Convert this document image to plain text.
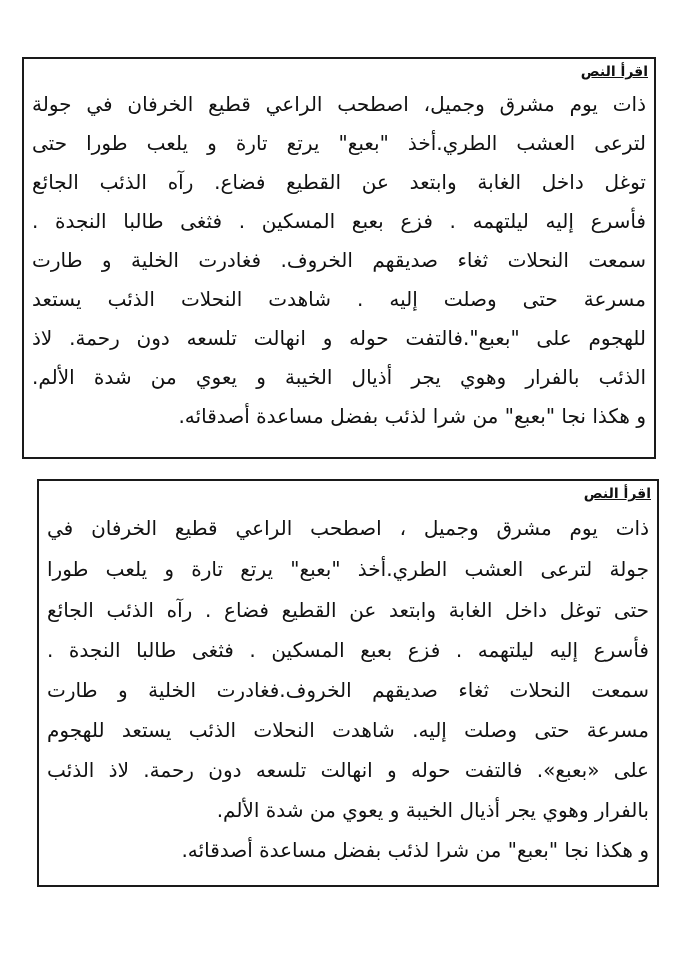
اقرأ النص
ذات يوم مشرق وجميل، اصطحب الراعي قطيع الخرفان في جولة
لترعى العشب الطري.أخذ "بعبع" يرتع تارة و يلعب طورا حتى
توغل داخل الغابة وابتعد عن القطيع فضاع. رآه الذئب الجائع
فأسرع إليه ليلتهمه . فزع بعبع المسكين . فثغى طالبا النجدة .
سمعت النحلات ثغاء صديقهم الخروف. فغادرت الخلية و طارت
مسرعة حتى وصلت إليه . شاهدت النحلات الذئب يستعد
للهجوم على "بعبع".فالتفت حوله و انهالت تلسعه دون رحمة. لاذ
الذئب بالفرار وهوي يجر أذيال الخيبة و يعوي من شدة الألم.
و هكذا نجا "بعبع" من شرا لذئب بفضل مساعدة أصدقائه.
اقرأ النص
ذات يوم مشرق وجميل ، اصطحب الراعي قطيع الخرفان في
جولة لترعى العشب الطري.أخذ "بعبع" يرتع تارة و يلعب طورا
حتى توغل داخل الغابة وابتعد عن القطيع فضاع . رآه الذئب الجائع
فأسرع إليه ليلتهمه . فزع بعبع المسكين . فثغى طالبا النجدة .
سمعت النحلات ثغاء صديقهم الخروف.فغادرت الخلية و طارت
مسرعة حتى وصلت إليه. شاهدت النحلات الذئب يستعد للهجوم
على «بعبع». فالتفت حوله و انهالت تلسعه دون رحمة. لاذ الذئب
بالفرار وهوي يجر أذيال الخيبة و يعوي من شدة الألم.
و هكذا نجا "بعبع" من شرا لذئب بفضل مساعدة أصدقائه.
